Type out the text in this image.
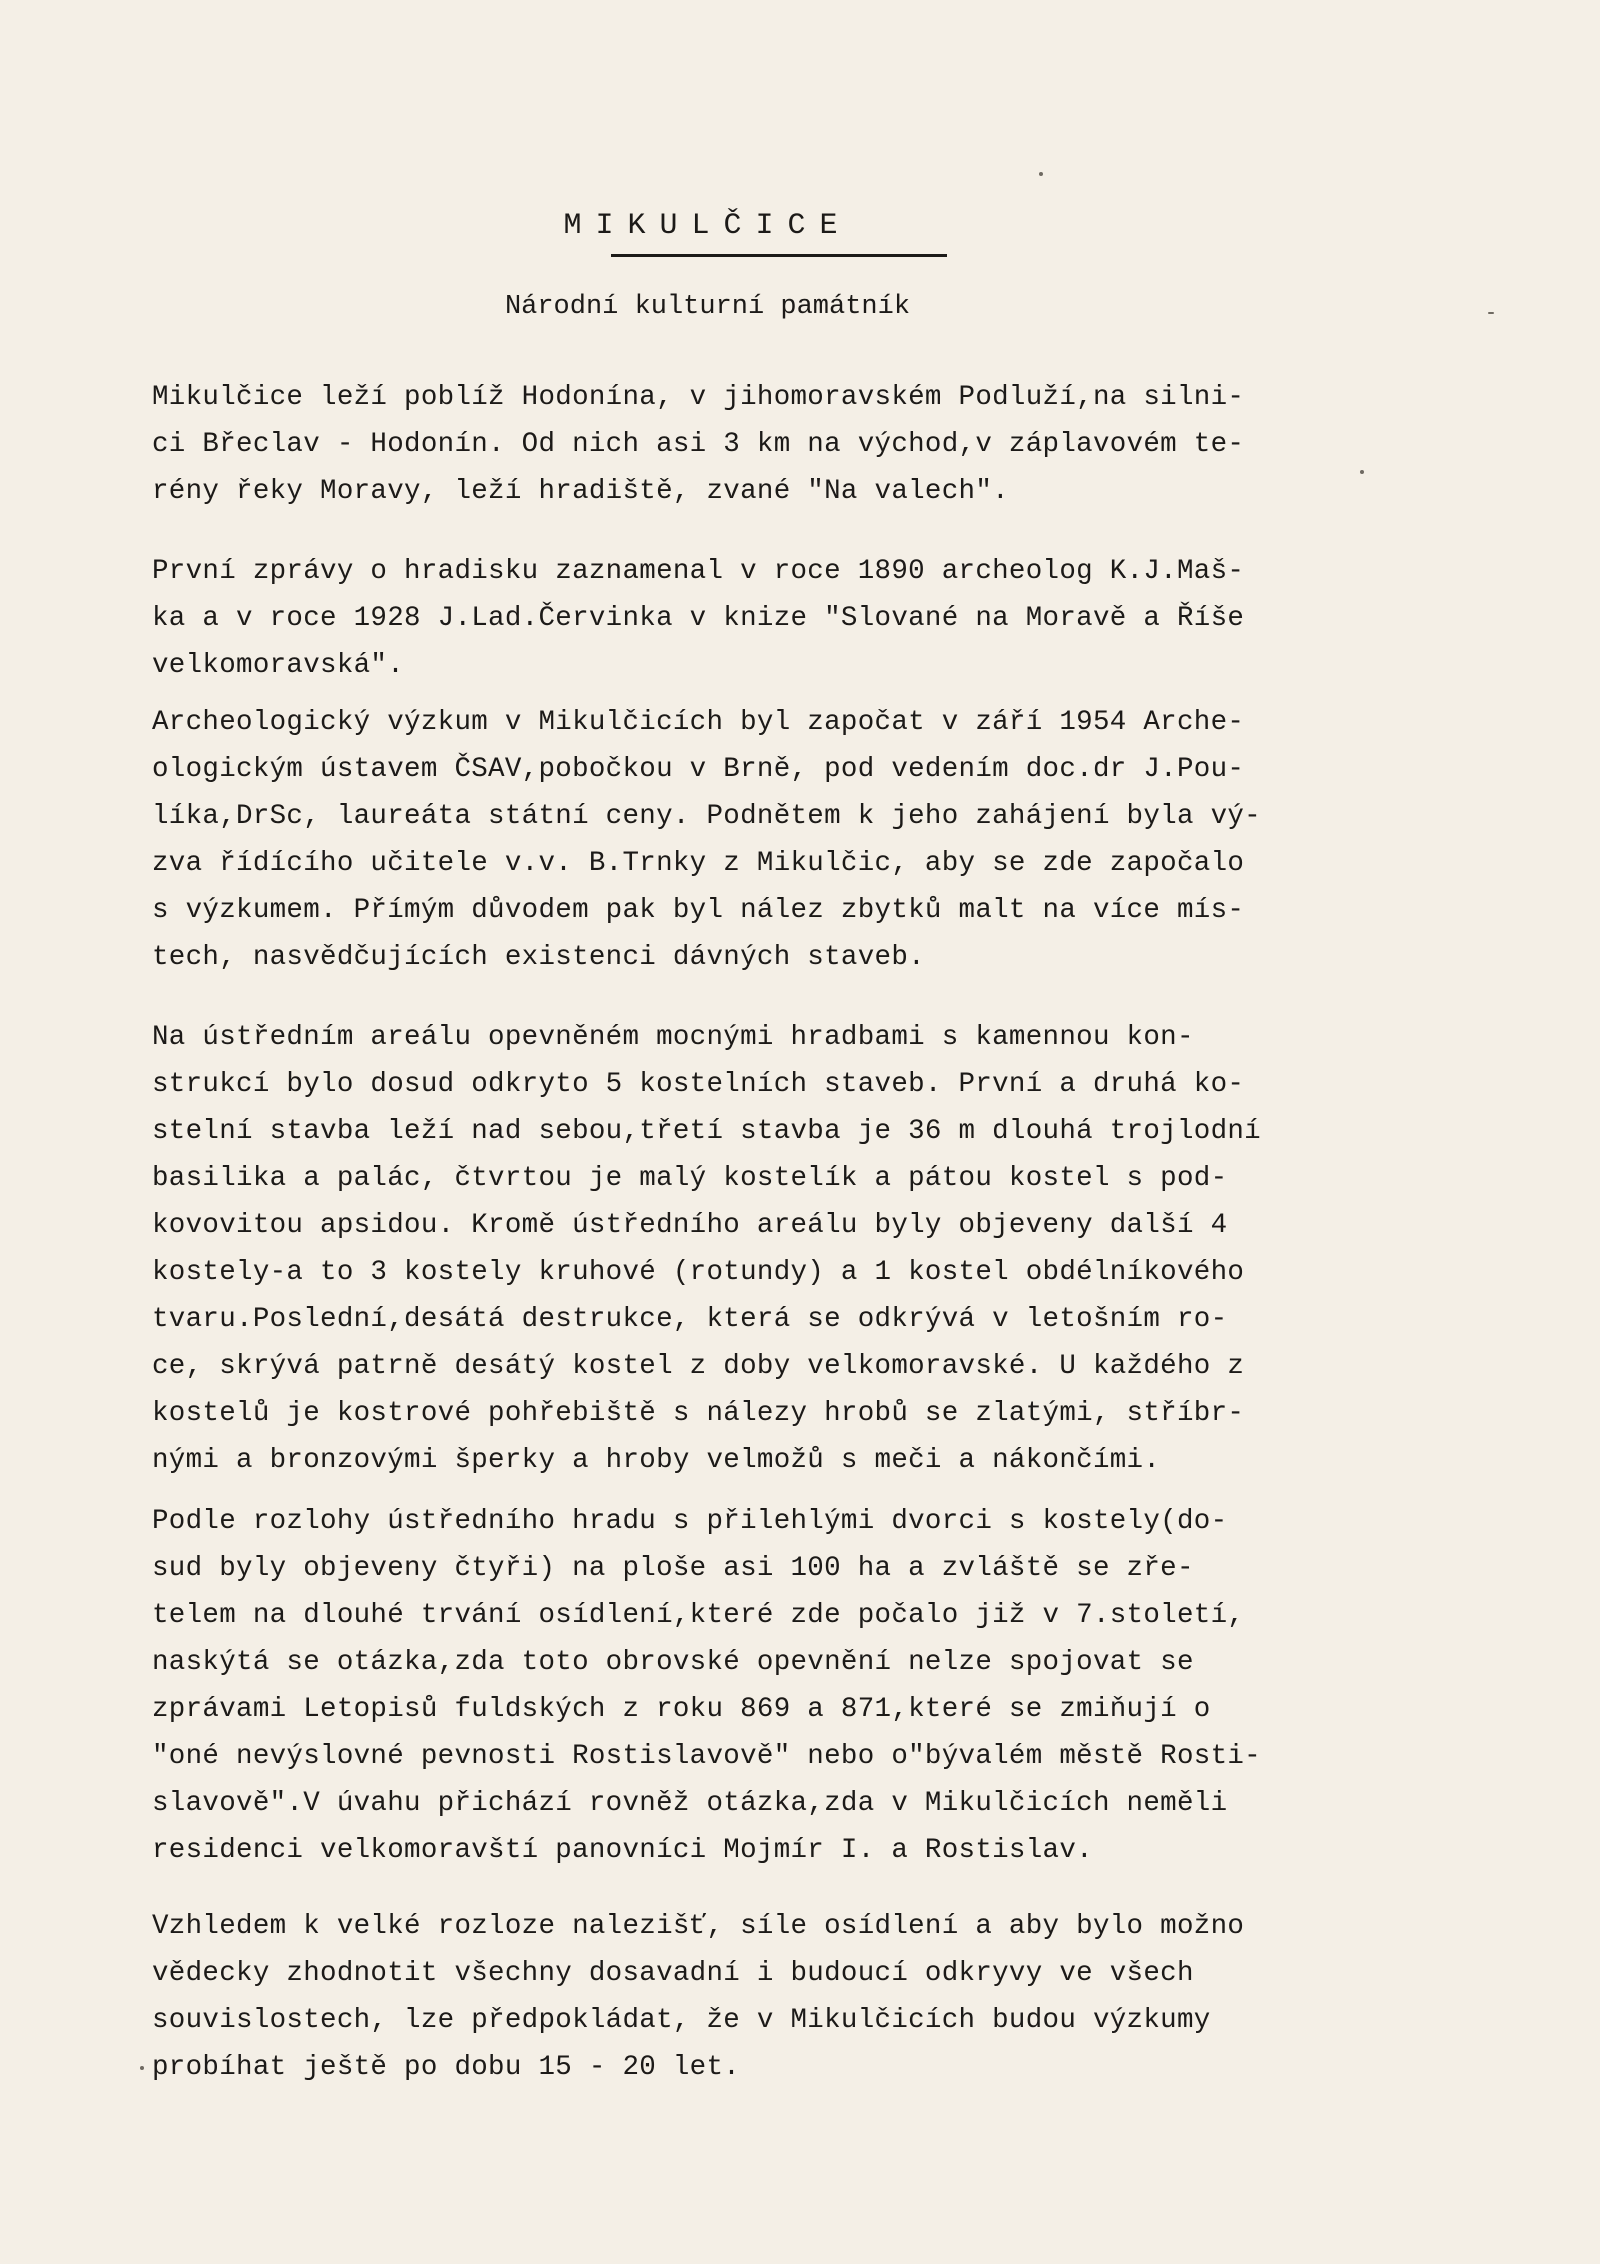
MIKULČICE
Národní kulturní památník
Mikulčice leží poblíž Hodonína, v jihomoravském Podluží,na silni-
ci Břeclav - Hodonín. Od nich asi 3 km na východ,v záplavovém te-
rény řeky Moravy, leží hradiště, zvané "Na valech".
První zprávy o hradisku zaznamenal v roce 1890 archeolog K.J.Maš-
ka a v roce 1928 J.Lad.Červinka v knize "Slované na Moravě a Říše
velkomoravská".
Archeologický výzkum v Mikulčicích byl započat v září 1954 Arche-
ologickým ústavem ČSAV,pobočkou v Brně, pod vedením doc.dr J.Pou-
líka,DrSc, laureáta státní ceny. Podnětem k jeho zahájení byla vý-
zva řídícího učitele v.v. B.Trnky z Mikulčic, aby se zde započalo
s výzkumem. Přímým důvodem pak byl nález zbytků malt na více mís-
tech, nasvědčujících existenci dávných staveb.
Na ústředním areálu opevněném mocnými hradbami s kamennou kon-
strukcí bylo dosud odkryto 5 kostelních staveb. První a druhá ko-
stelní stavba leží nad sebou,třetí stavba je 36 m dlouhá trojlodní
basilika a palác, čtvrtou je malý kostelík a pátou kostel s pod-
kovovitou apsidou. Kromě ústředního areálu byly objeveny další 4
kostely-a to 3 kostely kruhové (rotundy) a 1 kostel obdélníkového
tvaru.Poslední,desátá destrukce, která se odkrývá v letošním ro-
ce, skrývá patrně desátý kostel z doby velkomoravské. U každého z
kostelů je kostrové pohřebiště s nálezy hrobů se zlatými, stříbr-
nými a bronzovými šperky a hroby velmožů s meči a nákončími.
Podle rozlohy ústředního hradu s přilehlými dvorci s kostely(do-
sud byly objeveny čtyři) na ploše asi 100 ha a zvláště se zře-
telem na dlouhé trvání osídlení,které zde počalo již v 7.století,
naskýtá se otázka,zda toto obrovské opevnění nelze spojovat se
zprávami Letopisů fuldských z roku 869 a 871,které se zmiňují o
"oné nevýslovné pevnosti Rostislavově" nebo o"bývalém městě Rosti-
slavově".V úvahu přichází rovněž otázka,zda v Mikulčicích neměli
residenci velkomoravští panovníci Mojmír I. a Rostislav.
Vzhledem k velké rozloze nalezišť, síle osídlení a aby bylo možno
vědecky zhodnotit všechny dosavadní i budoucí odkryvy ve všech
souvislostech, lze předpokládat, že v Mikulčicích budou výzkumy
probíhat ještě po dobu 15 - 20 let.
